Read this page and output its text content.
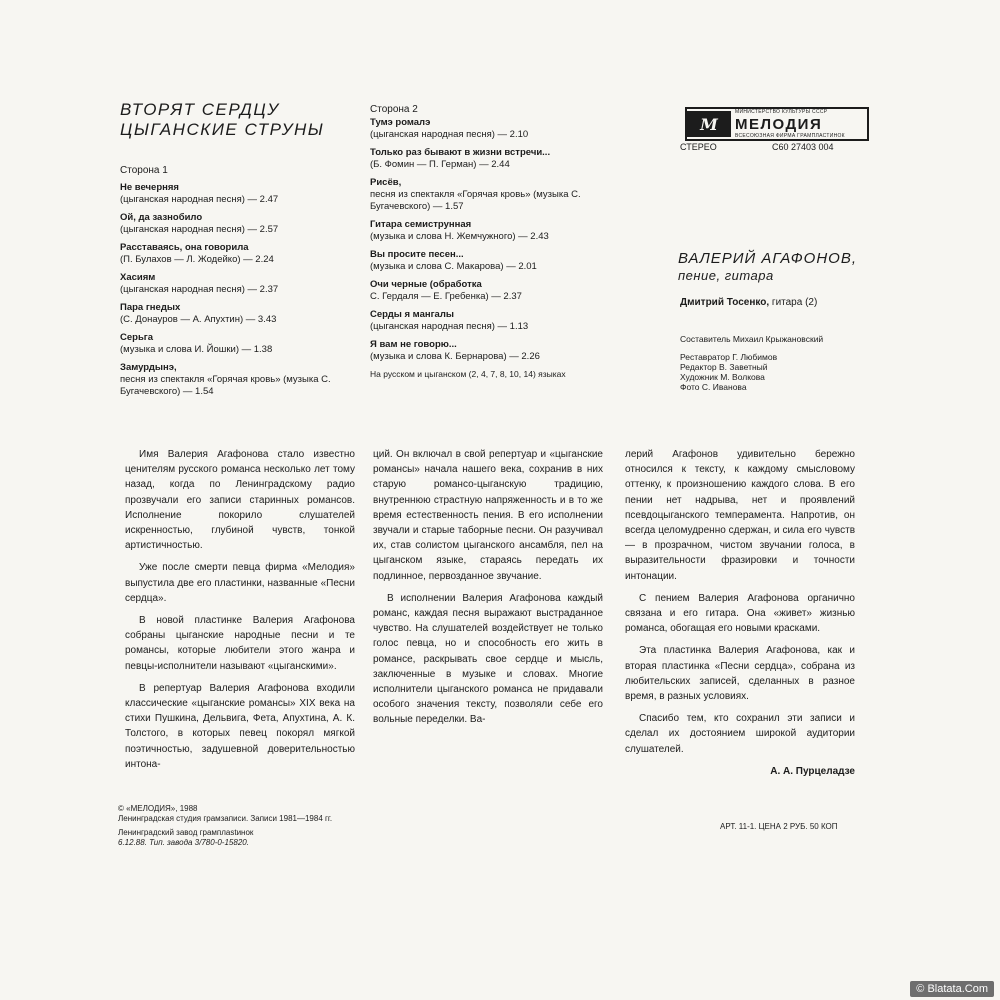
ВТОРЯТ СЕРДЦУ
ЦЫГАНСКИЕ СТРУНЫ
Сторона 1
Не вечерняя
(цыганская народная песня) — 2.47
Ой, да зазнобило
(цыганская народная песня) — 2.57
Расставаясь, она говорила
(П. Булахов — Л. Жодейко) — 2.24
Хасиям
(цыганская народная песня) — 2.37
Пара гнедых
(С. Донауров — А. Апухтин) — 3.43
Серьга
(музыка и слова И. Йошки) — 1.38
Замурдынэ,
песня из спектакля «Горячая кровь» (музыка С. Бугачевского) — 1.54
Сторона 2
Тумэ ромалэ
(цыганская народная песня) — 2.10
Только раз бывают в жизни встречи...
(Б. Фомин — П. Герман) — 2.44
Рисёв,
песня из спектакля «Горячая кровь» (музыка С. Бугачевского) — 1.57
Гитара семиструнная
(музыка и слова Н. Жемчужного) — 2.43
Вы просите песен...
(музыка и слова С. Макарова) — 2.01
Очи черные (обработка
С. Гердаля — Е. Гребенка) — 2.37
Серды я мангалы
(цыганская народная песня) — 1.13
Я вам не говорю...
(музыка и слова К. Бернарова) — 2.26
На русском и цыганском (2, 4, 7, 8, 10, 14) языках
М
МИНИСТЕРСТВО КУЛЬТУРЫ СССР
МЕЛОДИЯ
ВСЕСОЮЗНАЯ ФИРМА ГРАМПЛАСТИНОК
СТЕРЕО	С60 27403 004
ВАЛЕРИЙ АГАФОНОВ,
пение, гитара
Дмитрий Тосенко, гитара (2)
Составитель Михаил Крыжановский
Реставратор Г. Любимов
Редактор В. Заветный
Художник М. Волкова
Фото С. Иванова

Имя Валерия Агафонова стало известно ценителям русского романса несколько лет тому назад, когда по Ленинградскому радио прозвучали его записи старинных романсов. Исполнение покорило слушателей искренностью, глубиной чувств, тонкой артистичностью.

Уже после смерти певца фирма «Мелодия» выпустила две его пластинки, названные «Песни сердца».

В новой пластинке Валерия Агафонова собраны цыганские народные песни и те романсы, которые любители этого жанра и певцы-исполнители называют «цыганскими».

В репертуар Валерия Агафонова входили классические «цыганские романсы» XIX века на стихи Пушкина, Дельвига, Фета, Апухтина, А. К. Толстого, в которых певец покорял мягкой поэтичностью, задушевной доверительностью интона-

ций. Он включал в свой репертуар и «цыганские романсы» начала нашего века, сохранив в них старую романсо-цыганскую традицию, внутреннюю страстную напряженность и в то же время естественность пения. В его исполнении звучали и старые таборные песни. Он разучивал их, став солистом цыганского ансамбля, пел на цыганском языке, стараясь передать их подлинное, первозданное звучание.

В исполнении Валерия Агафонова каждый романс, каждая песня выражают выстраданное чувство. На слушателей воздействует не только голос певца, но и способность его жить в романсе, раскрывать свое сердце и мысль, заключенные в музыке и словах. Многие исполнители цыганского романса не придавали особого значения тексту, позволяли себе его вольные переделки. Ва-

лерий Агафонов удивительно бережно относился к тексту, к каждому смысловому оттенку, к произношению каждого слова. В его пении нет надрыва, нет и проявлений псевдоцыганского темперамента. Напротив, он всегда целомудренно сдержан, и сила его чувств — в прозрачном, чистом звучании голоса, в выразительности фразировки и точности интонации.

С пением Валерия Агафонова органично связана и его гитара. Она «живет» жизнью романса, обогащая его новыми красками.

Эта пластинка Валерия Агафонова, как и вторая пластинка «Песни сердца», собрана из любительских записей, сделанных в разное время, в разных условиях.

Спасибо тем, кто сохранил эти записи и сделал их достоянием широкой аудитории слушателей.

А. А. Пурцеладзе
© «МЕЛОДИЯ», 1988
Ленинградская студия грамзаписи. Записи 1981—1984 гг.
Ленинградский завод грамплastинок
6.12.88. Тип. завода 3/780-0-15820.
АРТ. 11-1. ЦЕНА 2 РУБ. 50 КОП
© Blatata.Com
